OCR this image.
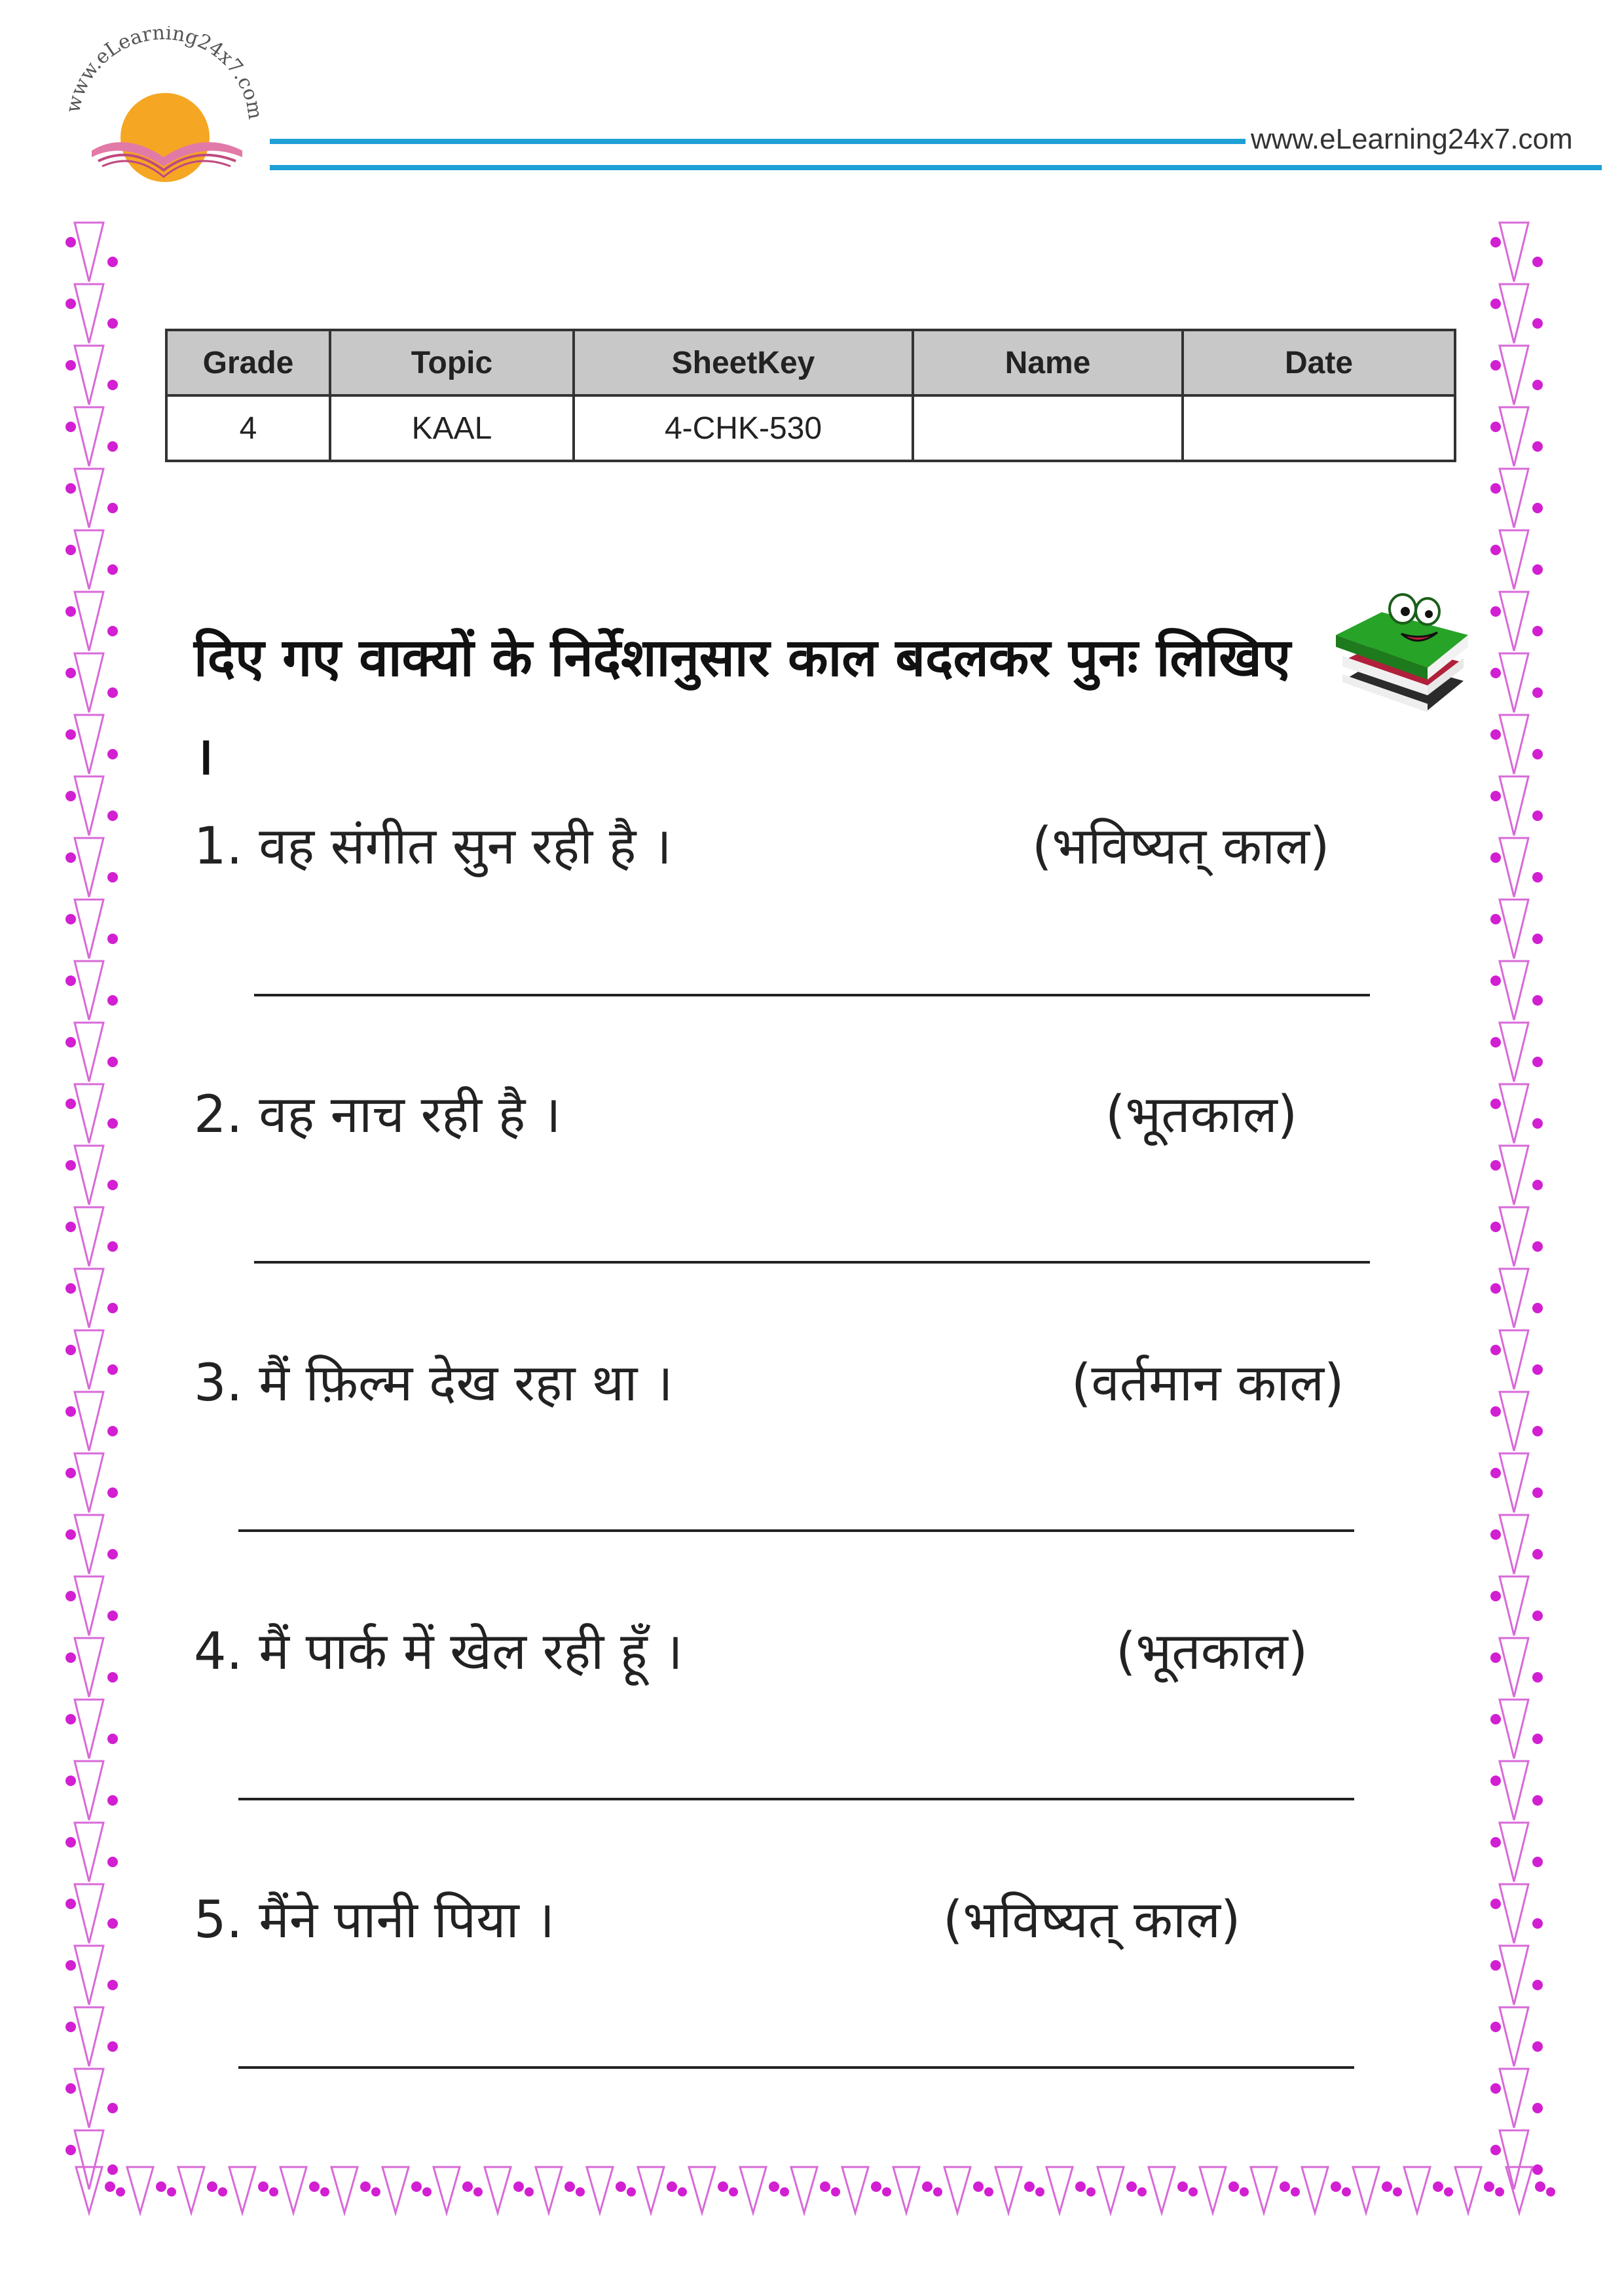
www.eLearning24x7.com
www.eLearning24x7.com
Grade	Topic	SheetKey	Name	Date
4	KAAL	4-CHK-530		

दिए गए वाक्यों के निर्देशानुसार काल बदलकर पुनः लिखिए ।

1. वह संगीत सुन रही है ।	(भविष्यत् काल)
2. वह नाच रही है ।	(भूतकाल)
3. मैं फ़िल्म देख रहा था ।	(वर्तमान काल)
4. मैं पार्क में खेल रही हूँ ।	(भूतकाल)
5. मैंने पानी पिया ।	(भविष्यत् काल)
